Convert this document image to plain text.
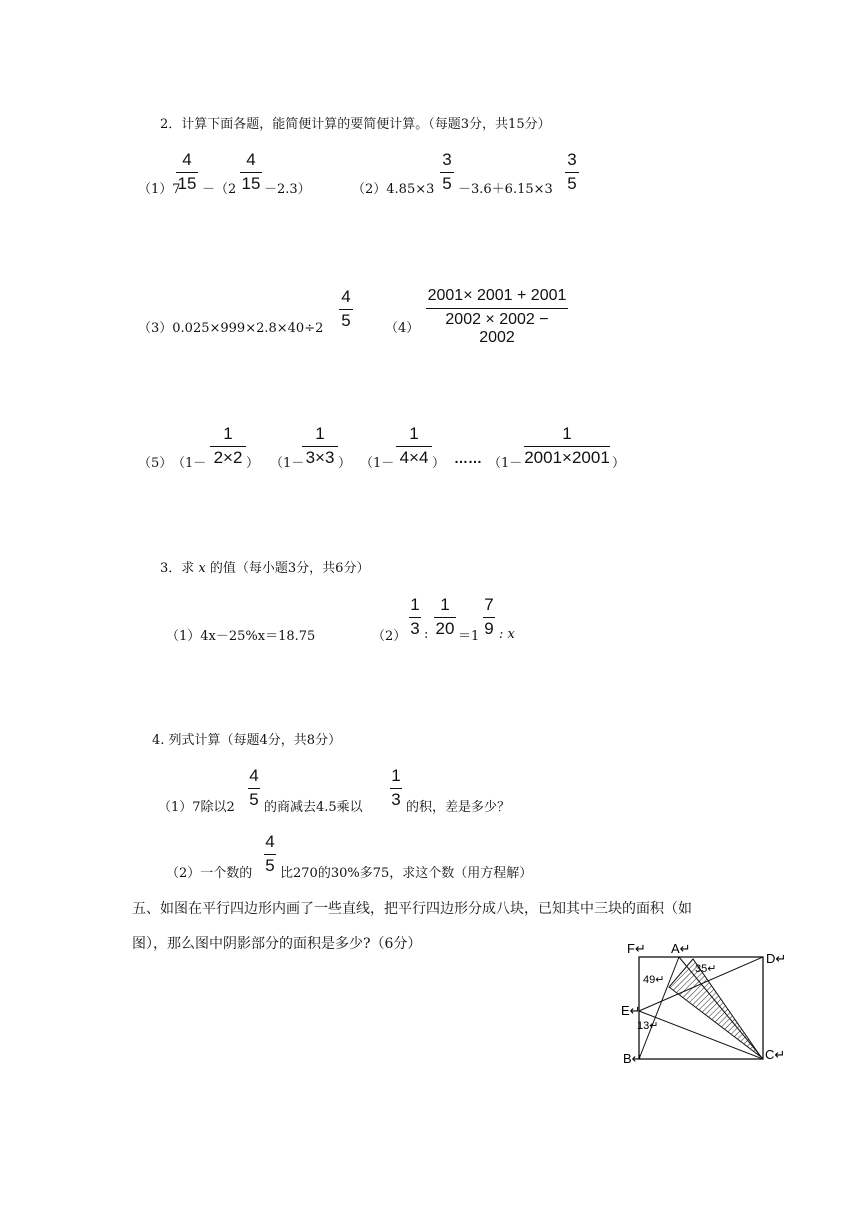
2．计算下面各题，能简便计算的要简便计算。（每题3分，共15分）
（1）7
4
15 －（2
4
15 －2.3）	（2）4.85×3
3
5 －3.6＋6.15×3
3
5
（3）0.025×999×2.8×40÷2
4
5	（4）
2001× 2001 + 2001
2002 × 2002 − 2002
（5） （1－
1
2×2 ） （1－
1
3×3 ） （1－
1
4×4 ） …… （1－
1
2001×2001 ）
3．求 x 的值（每小题3分，共6分）
（1）4x－25%x＝18.75	（2）
1
3 :
1
20 ＝1
7
9 : x
4. 列式计算（每题4分，共8分）
（1）7除以2
4
5 的商减去4.5乘以
1
3 的积，差是多少？
（2）一个数的
4
5 比270的30%多75，求这个数（用方程解）
五、如图在平行四边形内画了一些直线，把平行四边形分成八块，已知其中三块的面积（如
图），那么图中阴影部分的面积是多少?（6分）	F↵ A↵
D↵
E↵
B↵	C↵
49↵
35↵
13↵
